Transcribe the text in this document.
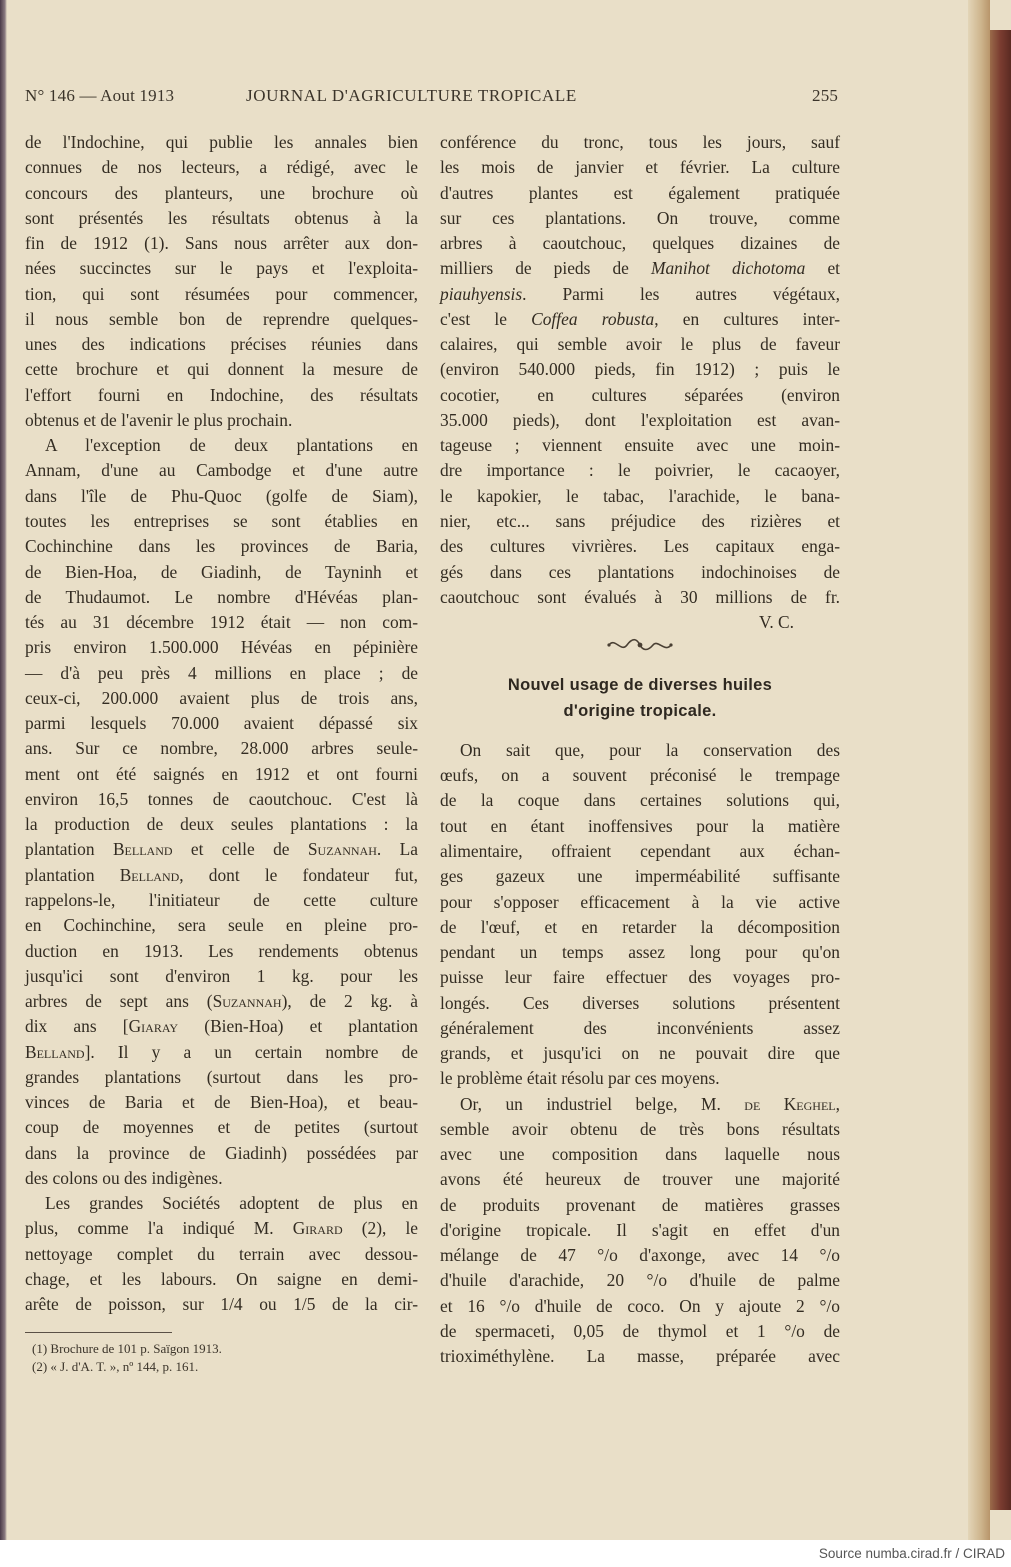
N° 146 — Aout 1913	JOURNAL D'AGRICULTURE TROPICALE	255
de l'Indochine, qui publie les annales bien
connues de nos lecteurs, a rédigé, avec le
concours des planteurs, une brochure où
sont présentés les résultats obtenus à la
fin de 1912 (1). Sans nous arrêter aux don-
nées succinctes sur le pays et l'exploita-
tion, qui sont résumées pour commencer,
il nous semble bon de reprendre quelques-
unes des indications précises réunies dans
cette brochure et qui donnent la mesure de
l'effort fourni en Indochine, des résultats
obtenus et de l'avenir le plus prochain.
A l'exception de deux plantations en
Annam, d'une au Cambodge et d'une autre
dans l'île de Phu-Quoc (golfe de Siam),
toutes les entreprises se sont établies en
Cochinchine dans les provinces de Baria,
de Bien-Hoa, de Giadinh, de Tayninh et
de Thudaumot. Le nombre d'Hévéas plan-
tés au 31 décembre 1912 était — non com-
pris environ 1.500.000 Hévéas en pépinière
— d'à peu près 4 millions en place ; de
ceux-ci, 200.000 avaient plus de trois ans,
parmi lesquels 70.000 avaient dépassé six
ans. Sur ce nombre, 28.000 arbres seule-
ment ont été saignés en 1912 et ont fourni
environ 16,5 tonnes de caoutchouc. C'est là
la production de deux seules plantations : la
plantation Belland et celle de Suzannah. La
plantation Belland, dont le fondateur fut,
rappelons-le, l'initiateur de cette culture
en Cochinchine, sera seule en pleine pro-
duction en 1913. Les rendements obtenus
jusqu'ici sont d'environ 1 kg. pour les
arbres de sept ans (Suzannah), de 2 kg. à
dix ans [Giaray (Bien-Hoa) et plantation
Belland]. Il y a un certain nombre de
grandes plantations (surtout dans les pro-
vinces de Baria et de Bien-Hoa), et beau-
coup de moyennes et de petites (surtout
dans la province de Giadinh) possédées par
des colons ou des indigènes.
Les grandes Sociétés adoptent de plus en
plus, comme l'a indiqué M. Girard (2), le
nettoyage complet du terrain avec dessou-
chage, et les labours. On saigne en demi-
arête de poisson, sur 1/4 ou 1/5 de la cir-
conférence du tronc, tous les jours, sauf
les mois de janvier et février. La culture
d'autres plantes est également pratiquée
sur ces plantations. On trouve, comme
arbres à caoutchouc, quelques dizaines de
milliers de pieds de Manihot dichotoma et
piauhyensis. Parmi les autres végétaux,
c'est le Coffea robusta, en cultures inter-
calaires, qui semble avoir le plus de faveur
(environ 540.000 pieds, fin 1912) ; puis le
cocotier, en cultures séparées (environ
35.000 pieds), dont l'exploitation est avan-
tageuse ; viennent ensuite avec une moin-
dre importance : le poivrier, le cacaoyer,
le kapokier, le tabac, l'arachide, le bana-
nier, etc... sans préjudice des rizières et
des cultures vivrières. Les capitaux enga-
gés dans ces plantations indochinoises de
caoutchouc sont évalués à 30 millions de fr.
V. C.
Nouvel usage de diverses huiles
d'origine tropicale.
On sait que, pour la conservation des
œufs, on a souvent préconisé le trempage
de la coque dans certaines solutions qui,
tout en étant inoffensives pour la matière
alimentaire, offraient cependant aux échan-
ges gazeux une imperméabilité suffisante
pour s'opposer efficacement à la vie active
de l'œuf, et en retarder la décomposition
pendant un temps assez long pour qu'on
puisse leur faire effectuer des voyages pro-
longés. Ces diverses solutions présentent
généralement des inconvénients assez
grands, et jusqu'ici on ne pouvait dire que
le problème était résolu par ces moyens.
Or, un industriel belge, M. de Keghel,
semble avoir obtenu de très bons résultats
avec une composition dans laquelle nous
avons été heureux de trouver une majorité
de produits provenant de matières grasses
d'origine tropicale. Il s'agit en effet d'un
mélange de 47 °/o d'axonge, avec 14 °/o
d'huile d'arachide, 20 °/o d'huile de palme
et 16 °/o d'huile de coco. On y ajoute 2 °/o
de spermaceti, 0,05 de thymol et 1 °/o de
trioximéthylène. La masse, préparée avec
(1) Brochure de 101 p. Saïgon 1913.
(2) « J. d'A. T. », nº 144, p. 161.
Source numba.cirad.fr / CIRAD
